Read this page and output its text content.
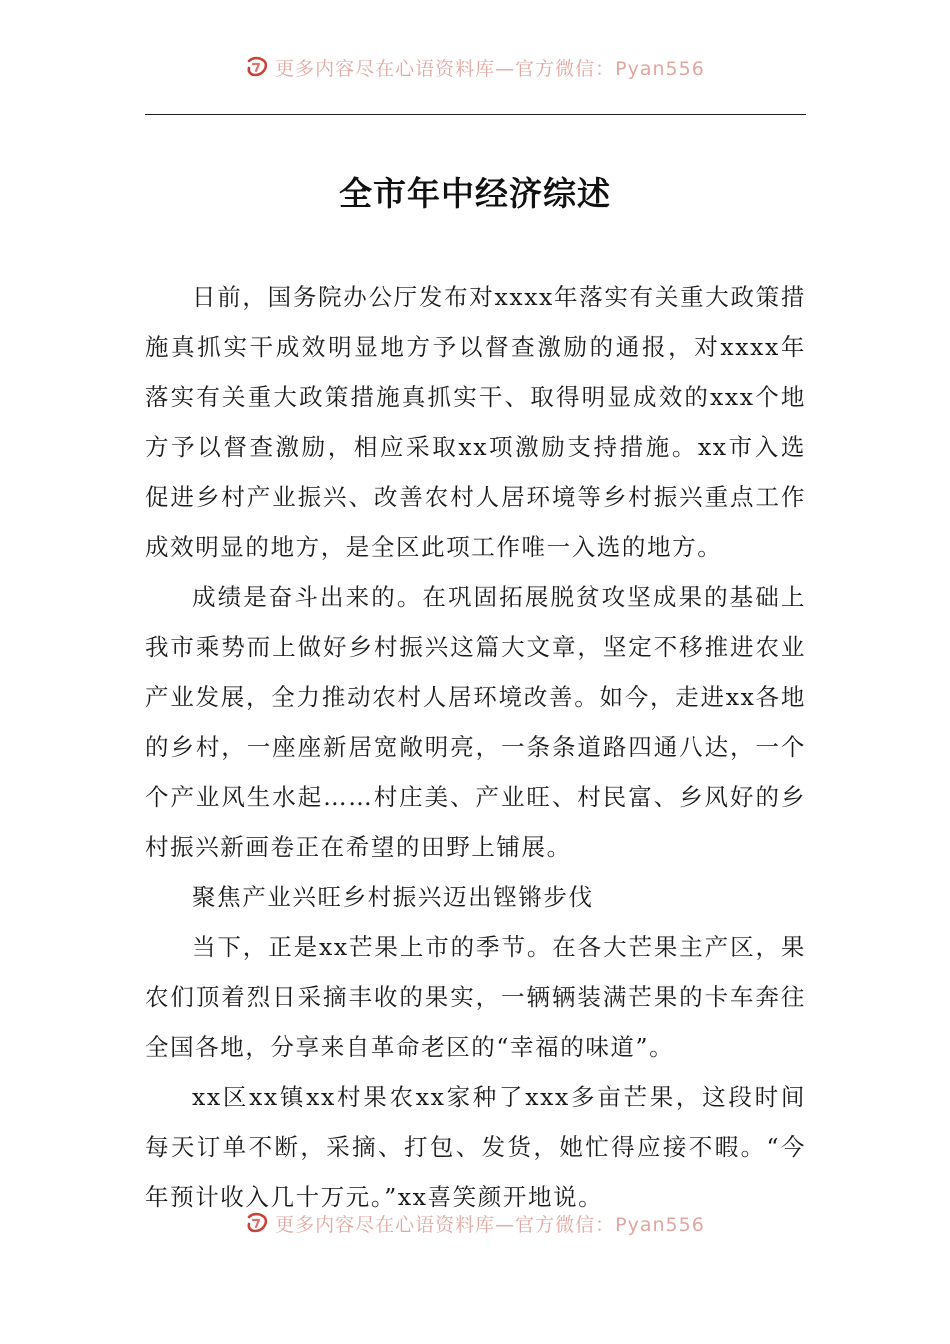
更多内容尽在心语资料库—官方微信：Pyan556
全市年中经济综述

日前，国务院办公厅发布对xxxx年落实有关重大政策措施真抓实干成效明显地方予以督查激励的通报，对xxxx年落实有关重大政策措施真抓实干、取得明显成效的xxx个地方予以督查激励，相应采取xx项激励支持措施。xx市入选促进乡村产业振兴、改善农村人居环境等乡村振兴重点工作成效明显的地方，是全区此项工作唯一入选的地方。

成绩是奋斗出来的。在巩固拓展脱贫攻坚成果的基础上我市乘势而上做好乡村振兴这篇大文章，坚定不移推进农业产业发展，全力推动农村人居环境改善。如今，走进xx各地的乡村，一座座新居宽敞明亮，一条条道路四通八达，一个个产业风生水起……村庄美、产业旺、村民富、乡风好的乡村振兴新画卷正在希望的田野上铺展。

聚焦产业兴旺乡村振兴迈出铿锵步伐

当下，正是xx芒果上市的季节。在各大芒果主产区，果农们顶着烈日采摘丰收的果实，一辆辆装满芒果的卡车奔往全国各地，分享来自革命老区的“幸福的味道”。

xx区xx镇xx村果农xx家种了xxx多亩芒果，这段时间每天订单不断，采摘、打包、发货，她忙得应接不暇。“今年预计收入几十万元。”xx喜笑颜开地说。

更多内容尽在心语资料库—官方微信：Pyan556
